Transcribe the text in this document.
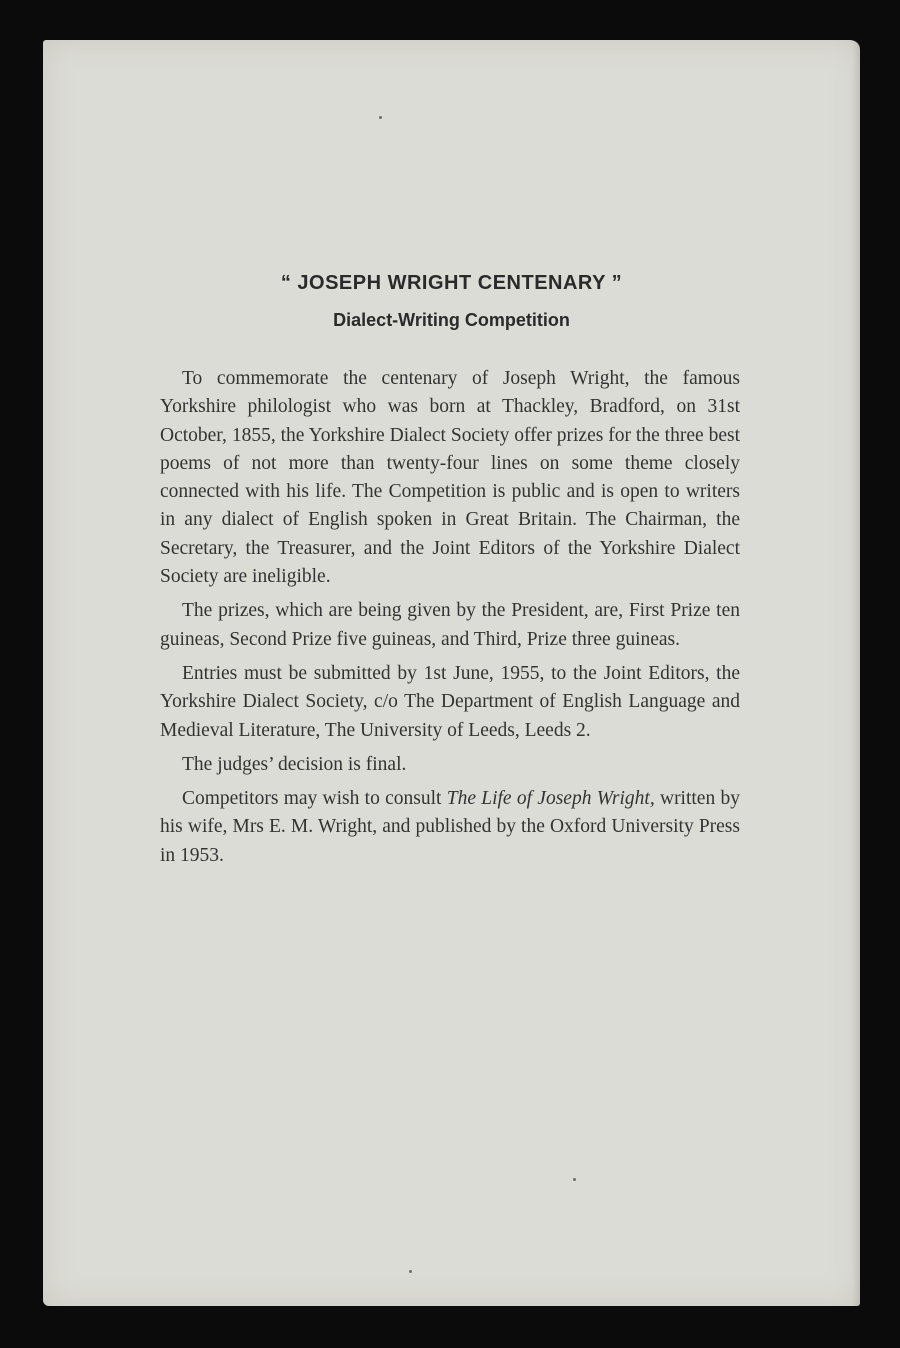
“ JOSEPH WRIGHT CENTENARY ”
Dialect-Writing Competition

To commemorate the centenary of Joseph Wright, the famous Yorkshire philologist who was born at Thackley, Bradford, on 31st October, 1855, the Yorkshire Dialect Society offer prizes for the three best poems of not more than twenty-four lines on some theme closely connected with his life. The Competition is public and is open to writers in any dialect of English spoken in Great Britain. The Chairman, the Secretary, the Treasurer, and the Joint Editors of the Yorkshire Dialect Society are ineligible.

The prizes, which are being given by the President, are, First Prize ten guineas, Second Prize five guineas, and Third, Prize three guineas.

Entries must be submitted by 1st June, 1955, to the Joint Editors, the Yorkshire Dialect Society, c/o The Department of English Language and Medieval Literature, The University of Leeds, Leeds 2.

The judges’ decision is final.

Competitors may wish to consult The Life of Joseph Wright, written by his wife, Mrs E. M. Wright, and published by the Oxford University Press in 1953.
